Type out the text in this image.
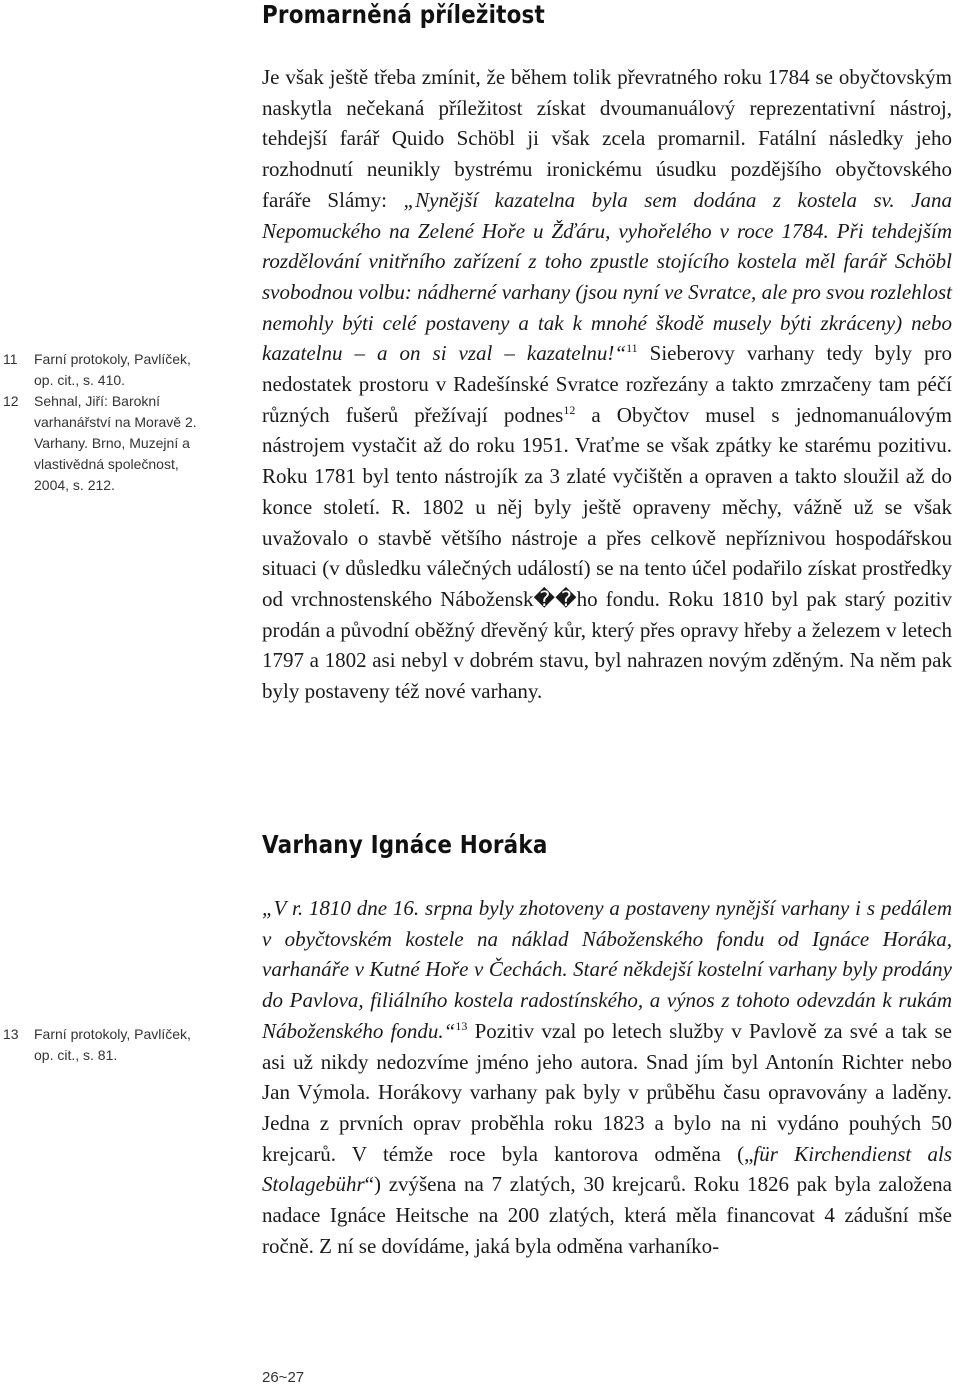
Promarněná příležitost

Je však ještě třeba zmínit, že během tolik převratného roku 1784 se obyčtovským naskytla nečekaná příležitost získat dvoumanuálový reprezentativní nástroj, tehdejší farář Quido Schöbl ji však zcela promarnil. Fatální následky jeho rozhodnutí neunikly bystrému ironickému úsudku pozdějšího obyčtovského faráře Slámy: „Nynější kazatelna byla sem dodána z kostela sv. Jana Nepomuckého na Zelené Hoře u Žďáru, vyhořelého v roce 1784. Při tehdejším rozdělování vnitřního zařízení z toho zpustle stojícího kostela měl farář Schöbl svobodnou volbu: nádherné varhany (jsou nyní ve Svratce, ale pro svou rozlehlost nemohly býti celé postaveny a tak k mnohé škodě musely býti zkráceny) nebo kazatelnu – a on si vzal – kazatelnu!“$^{11}$ Sieberovy varhany tedy byly pro nedostatek prostoru v Radešínské Svratce rozřezány a takto zmrzačeny tam péčí různých fušerů přežívají podnes$^{12}$ a Obyčtov musel s jednomanuálovým nástrojem vystačit až do roku 1951. Vraťme se však zpátky ke starému pozitivu. Roku 1781 byl tento nástrojík za 3 zlaté vyčištěn a opraven a takto sloužil až do konce století. R. 1802 u něj byly ještě opraveny měchy, vážně už se však uvažovalo o stavbě většího nástroje a přes celkově nepříznivou hospodářskou situaci (v důsledku válečných událostí) se na tento účel podařilo získat prostředky od vrchnostenského Nábožensk��ho fondu. Roku 1810 byl pak starý pozitiv prodán a původní oběžný dřevěný kůr, který přes opravy hřeby a železem v letech 1797 a 1802 asi nebyl v dobrém stavu, byl nahrazen novým zděným. Na něm pak byly postaveny též nové varhany.

Varhany Ignáce Horáka

„V r. 1810 dne 16. srpna byly zhotoveny a postaveny nynější varhany i s pedálem v obyčtovském kostele na náklad Náboženského fondu od Ignáce Horáka, varhanáře v Kutné Hoře v Čechách. Staré někdejší kostelní varhany byly prodány do Pavlova, filiálního kostela radostínského, a výnos z tohoto odevzdán k rukám Náboženského fondu.“$^{13}$ Pozitiv vzal po letech služby v Pavlově za své a tak se asi už nikdy nedozvíme jméno jeho autora. Snad jím byl Antonín Richter nebo Jan Výmola. Horákovy varhany pak byly v průběhu času opravovány a laděny. Jedna z prvních oprav proběhla roku 1823 a bylo na ni vydáno pouhých 50 krejcarů. V témže roce byla kantorova odměna („für Kirchendienst als Stolagebühr“) zvýšena na 7 zlatých, 30 krejcarů. Roku 1826 pak byla založena nadace Ignáce Heitsche na 200 zlatých, která měla financovat 4 zádušní mše ročně. Z ní se dovídáme, jaká byla odměna varhaníko-

11	Farní protokoly, Pavlíček, op. cit., s. 410.
12	Sehnal, Jiří: Barokní varhanářství na Moravě 2. Varhany. Brno, Muzejní a vlastivědná společnost, 2004, s. 212.
13	Farní protokoly, Pavlíček, op. cit., s. 81.
26~27
